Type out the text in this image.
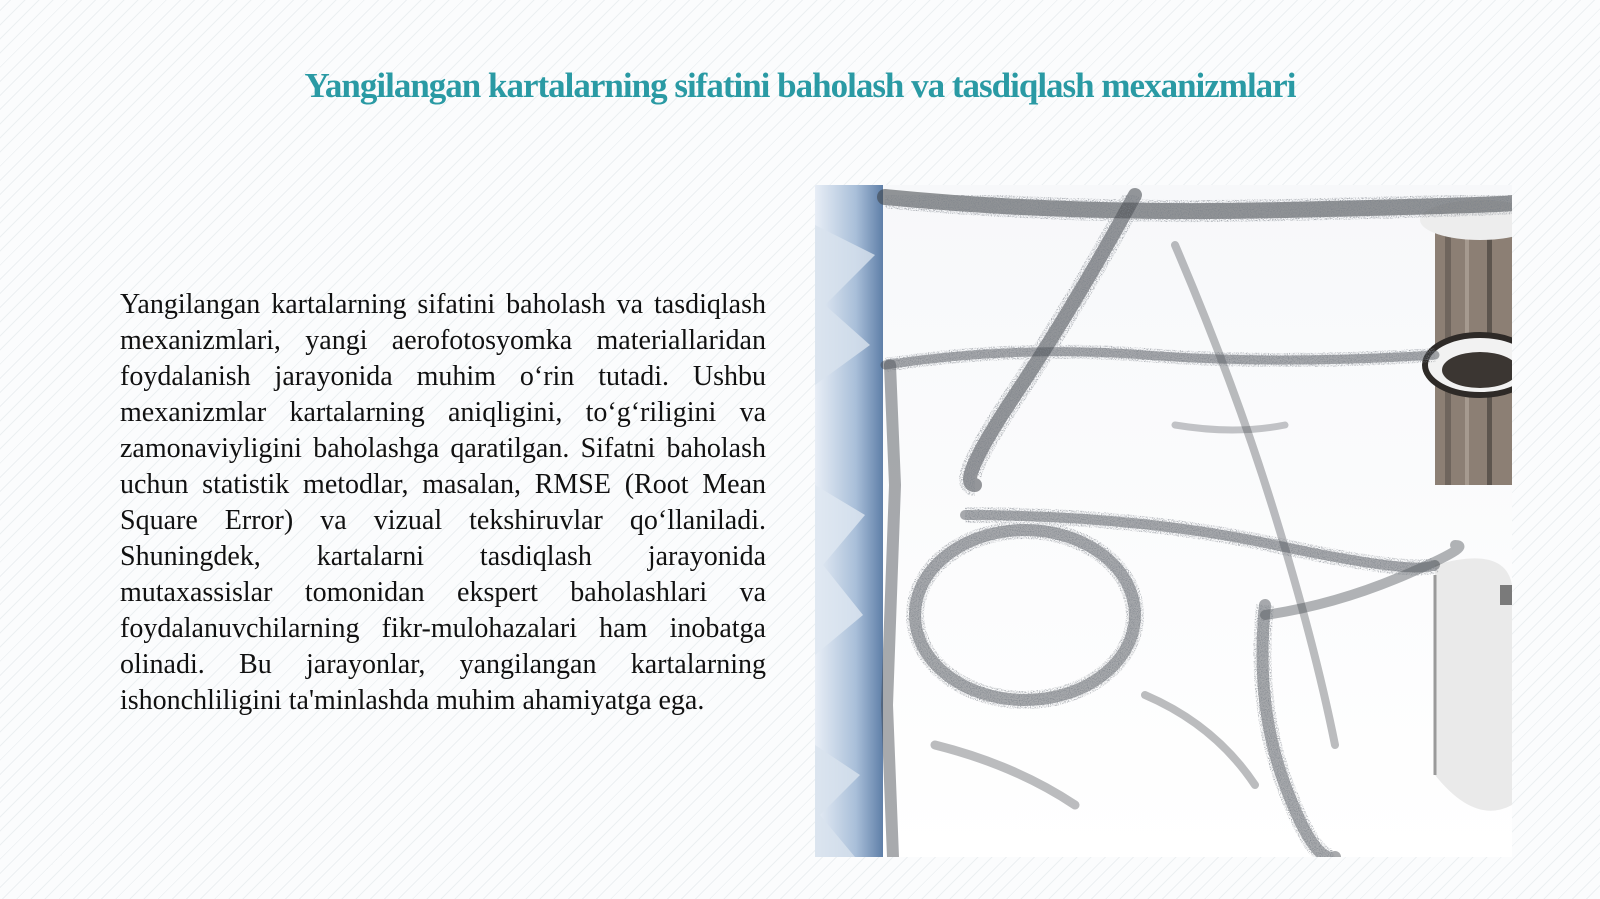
Yangilangan kartalarning sifatini baholash va tasdiqlash mexanizmlari

Yangilangan kartalarning sifatini baholash va tasdiqlash mexanizmlari, yangi aerofotosyomka materiallaridan foydalanish jarayonida muhim o‘rin tutadi. Ushbu mexanizmlar kartalarning aniqligini, to‘g‘riligini va zamonaviyligini baholashga qaratilgan. Sifatni baholash uchun statistik metodlar, masalan, RMSE (Root Mean Square Error) va vizual tekshiruvlar qo‘llaniladi. Shuningdek, kartalarni tasdiqlash jarayonida mutaxassislar tomonidan ekspert baholashlari va foydalanuvchilarning fikr-mulohazalari ham inobatga olinadi. Bu jarayonlar, yangilangan kartalarning ishonchliligini ta'minlashda muhim ahamiyatga ega.
